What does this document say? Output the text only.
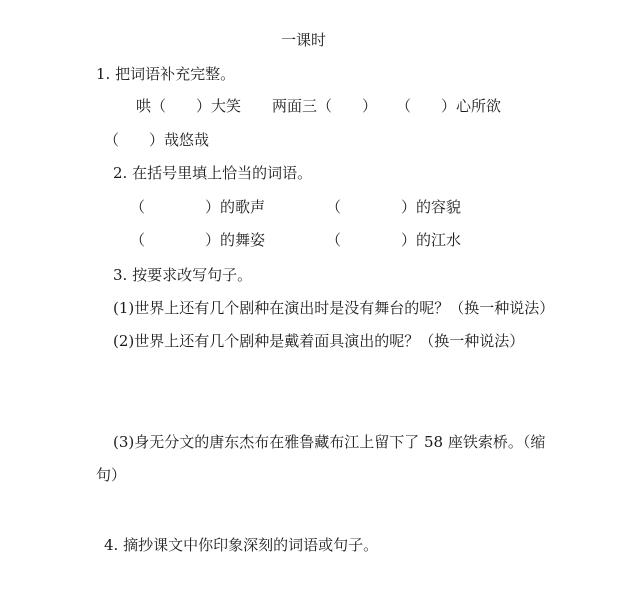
一课时
1. 把词语补充完整。
哄（　　）大笑 两面三（　　） （　　）心所欲
（　　）哉悠哉
2. 在括号里填上恰当的词语。
（　　　　）的歌声	（　　　　）的容貌
（　　　　）的舞姿	（　　　　）的江水
3. 按要求改写句子。
(1)世界上还有几个剧种在演出时是没有舞台的呢？（换一种说法）
(2)世界上还有几个剧种是戴着面具演出的呢？（换一种说法）
(3)身无分文的唐东杰布在雅鲁藏布江上留下了 58 座铁索桥。（缩
句）
4. 摘抄课文中你印象深刻的词语或句子。
